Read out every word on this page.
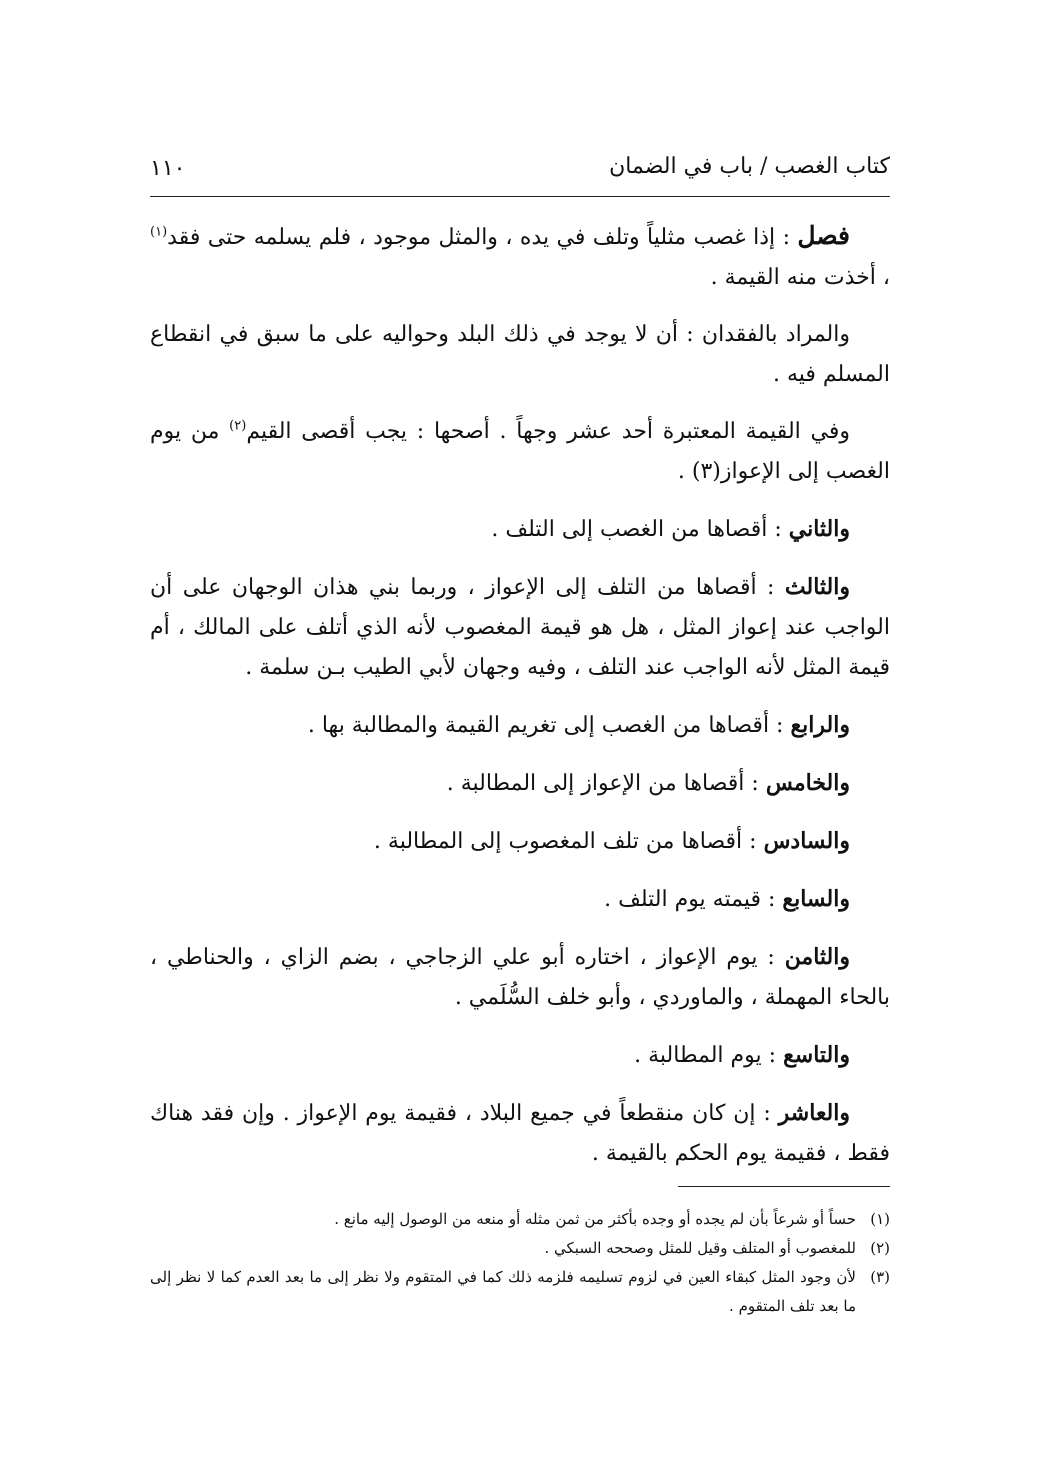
كتاب الغصب / باب في الضمان
١١٠

فصل : إذا غصب مثلياً وتلف في يده ، والمثل موجود ، فلم يسلمه حتى فقد$^{(١)}$ ، أخذت منه القيمة .

والمراد بالفقدان : أن لا يوجد في ذلك البلد وحواليه على ما سبق في انقطاع المسلم فيه .

وفي القيمة المعتبرة أحد عشر وجهاً . أصحها : يجب أقصى القيم$^{(٢)}$ من يوم الغصب إلى الإعواز(٣) .

والثاني : أقصاها من الغصب إلى التلف .

والثالث : أقصاها من التلف إلى الإعواز ، وربما بني هذان الوجهان على أن الواجب عند إعواز المثل ، هل هو قيمة المغصوب لأنه الذي أتلف على المالك ، أم قيمة المثل لأنه الواجب عند التلف ، وفيه وجهان لأبي الطيب بـن سلمة .

والرابع : أقصاها من الغصب إلى تغريم القيمة والمطالبة بها .

والخامس : أقصاها من الإعواز إلى المطالبة .

والسادس : أقصاها من تلف المغصوب إلى المطالبة .

والسابع : قيمته يوم التلف .

والثامن : يوم الإعواز ، اختاره أبو علي الزجاجي ، بضم الزاي ، والحناطي ، بالحاء المهملة ، والماوردي ، وأبو خلف السُّلَمي .

والتاسع : يوم المطالبة .

والعاشر : إن كان منقطعاً في جميع البلاد ، فقيمة يوم الإعواز . وإن فقد هناك فقط ، فقيمة يوم الحكم بالقيمة .

(١)
حساً أو شرعاً بأن لم يجده أو وجده بأكثر من ثمن مثله أو منعه من الوصول إليه مانع .
(٢)
للمغصوب أو المتلف وقيل للمثل وصححه السبكي .
(٣)
لأن وجود المثل كبقاء العين في لزوم تسليمه فلزمه ذلك كما في المتقوم ولا نظر إلى ما بعد العدم كما لا نظر إلى ما بعد تلف المتقوم .
